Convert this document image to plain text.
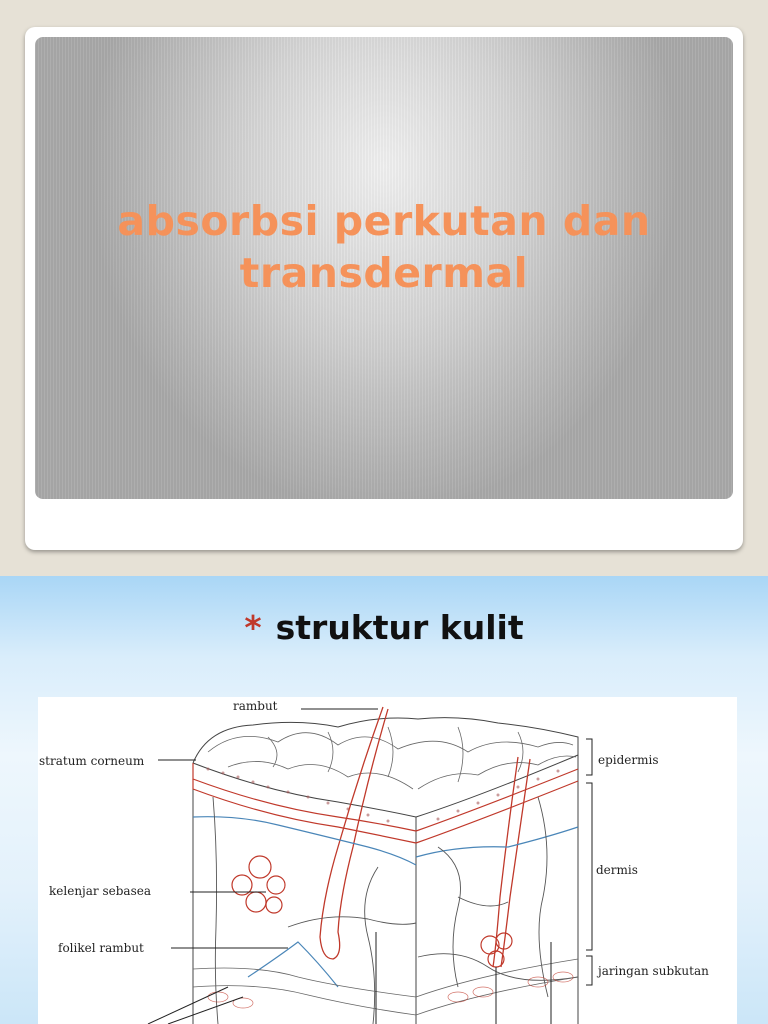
absorbsi perkutan dan transdermal
* struktur kulit
rambut
stratum corneum
kelenjar sebasea
folikel rambut
epidermis
dermis
jaringan subkutan
